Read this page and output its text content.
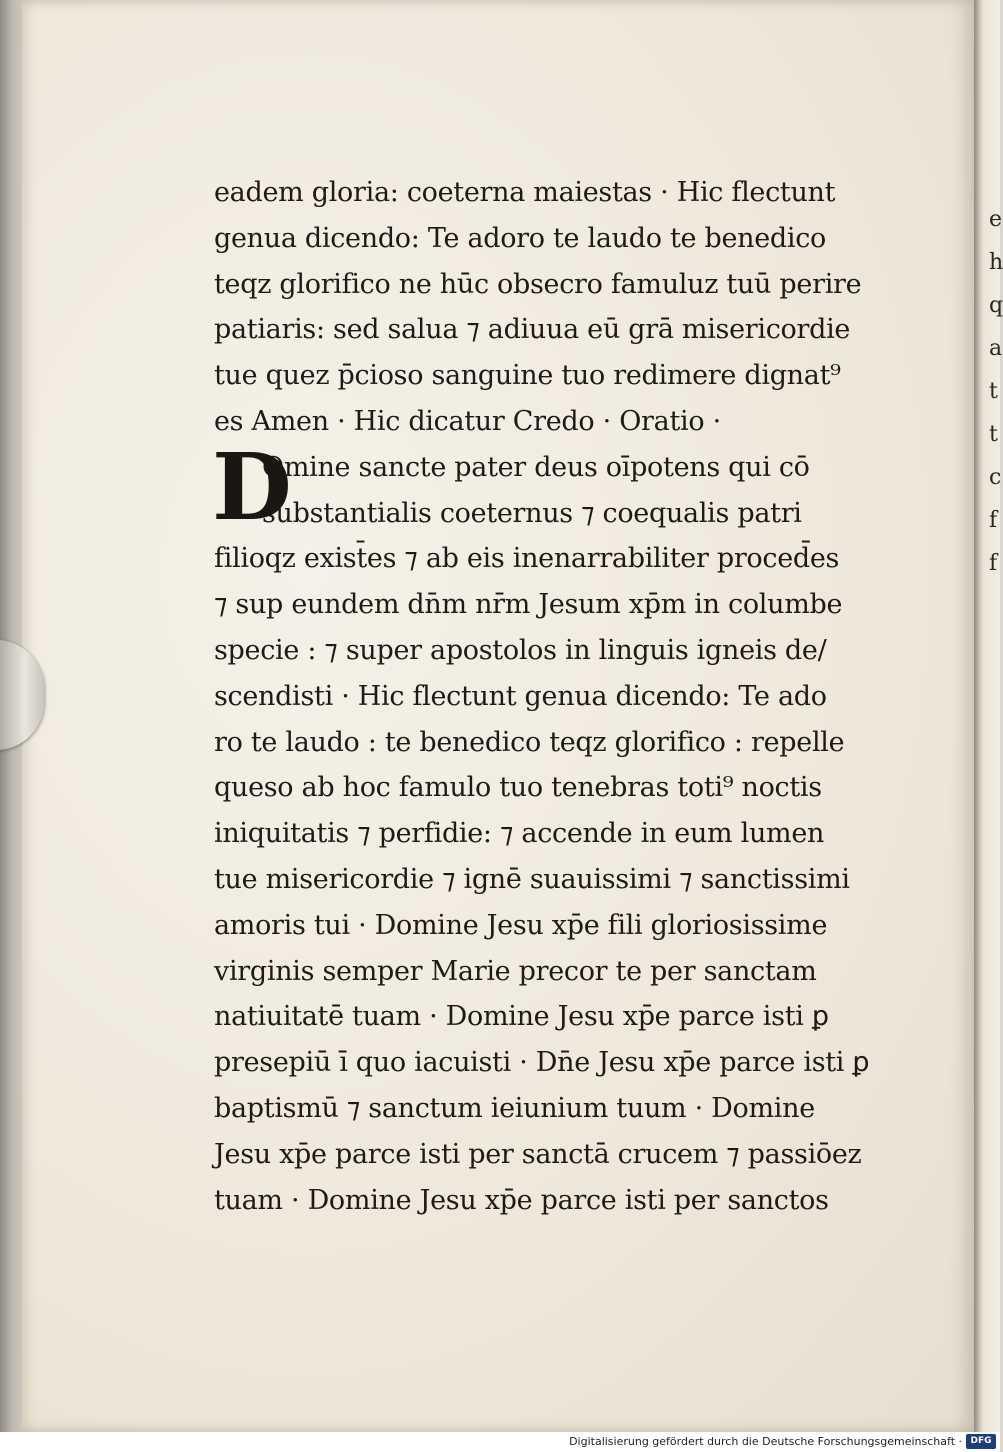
e
h
q
a
t
t
c
f
f
D
eadem gloria: coeterna maiestas · Hic flectunt
genua dicendo: Te adoro te laudo te benedico
teqz glorifico ne hūc obsecro famuluz tuū perire
patiaris: sed salua ⁊ adiuua eū grā misericordie
tue quez p̄cioso sanguine tuo redimere dignat⁹
es Amen · Hic dicatur Credo · Oratio ·
Omine sancte pater deus oīpotens qui cō
substantialis coeternus ⁊ coequalis patri
filioqz exist̄es ⁊ ab eis inenarrabiliter proced̄es
⁊ sup eundem dn̄m nr̄m Jesum xp̄m in columbe
specie : ⁊ super apostolos in linguis igneis de/
scendisti · Hic flectunt genua dicendo: Te ado
ro te laudo : te benedico teqz glorifico : repelle
queso ab hoc famulo tuo tenebras toti⁹ noctis
iniquitatis ⁊ perfidie: ⁊ accende in eum lumen
tue misericordie ⁊ ignē suauissimi ⁊ sanctissimi
amoris tui · Domine Jesu xp̄e fili gloriosissime
virginis semper Marie precor te per sanctam
natiuitatē tuam · Domine Jesu xp̄e parce isti ꝑ
presepiū ī quo iacuisti · Dn̄e Jesu xp̄e parce isti ꝑ
baptismū ⁊ sanctum ieiunium tuum · Domine
Jesu xp̄e parce isti per sanctā crucem ⁊ passiōez
tuam · Domine Jesu xp̄e parce isti per sanctos
Digitalisierung gefördert durch die Deutsche Forschungsgemeinschaft · DFG
